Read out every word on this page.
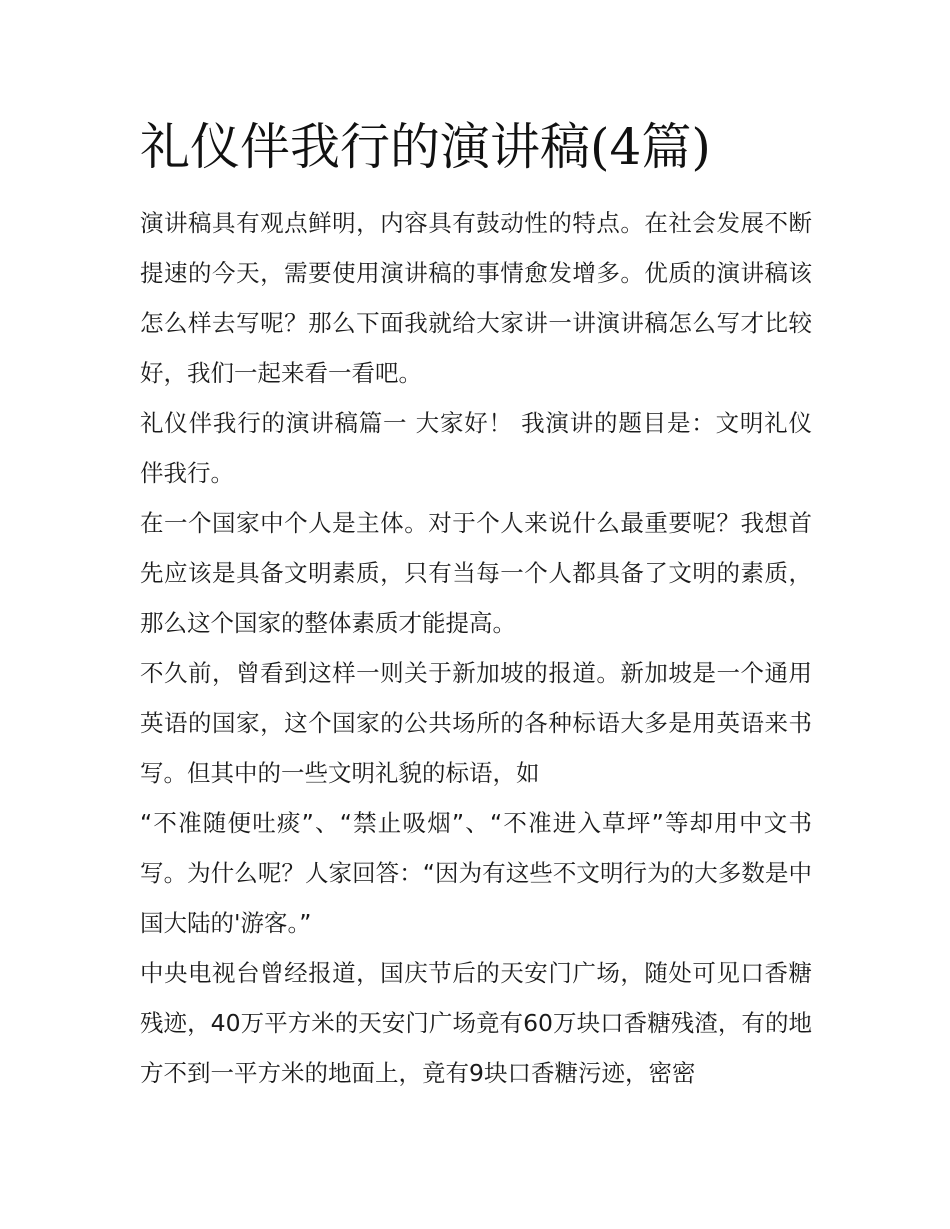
礼仪伴我行的演讲稿(4篇)

演讲稿具有观点鲜明，内容具有鼓动性的特点。在社会发展不断提速的今天，需要使用演讲稿的事情愈发增多。优质的演讲稿该怎么样去写呢？那么下面我就给大家讲一讲演讲稿怎么写才比较好，我们一起来看一看吧。

礼仪伴我行的演讲稿篇一 大家好！ 我演讲的题目是：文明礼仪伴我行。

在一个国家中个人是主体。对于个人来说什么最重要呢？我想首先应该是具备文明素质，只有当每一个人都具备了文明的素质，那么这个国家的整体素质才能提高。

不久前，曾看到这样一则关于新加坡的报道。新加坡是一个通用英语的国家，这个国家的公共场所的各种标语大多是用英语来书写。但其中的一些文明礼貌的标语，如

“不准随便吐痰”、“禁止吸烟”、“不准进入草坪”等却用中文书写。为什么呢？人家回答：“因为有这些不文明行为的大多数是中国大陆的'游客。”

中央电视台曾经报道，国庆节后的天安门广场，随处可见口香糖残迹，40万平方米的天安门广场竟有60万块口香糖残渣，有的地方不到一平方米的地面上，竟有9块口香糖污迹，密密
